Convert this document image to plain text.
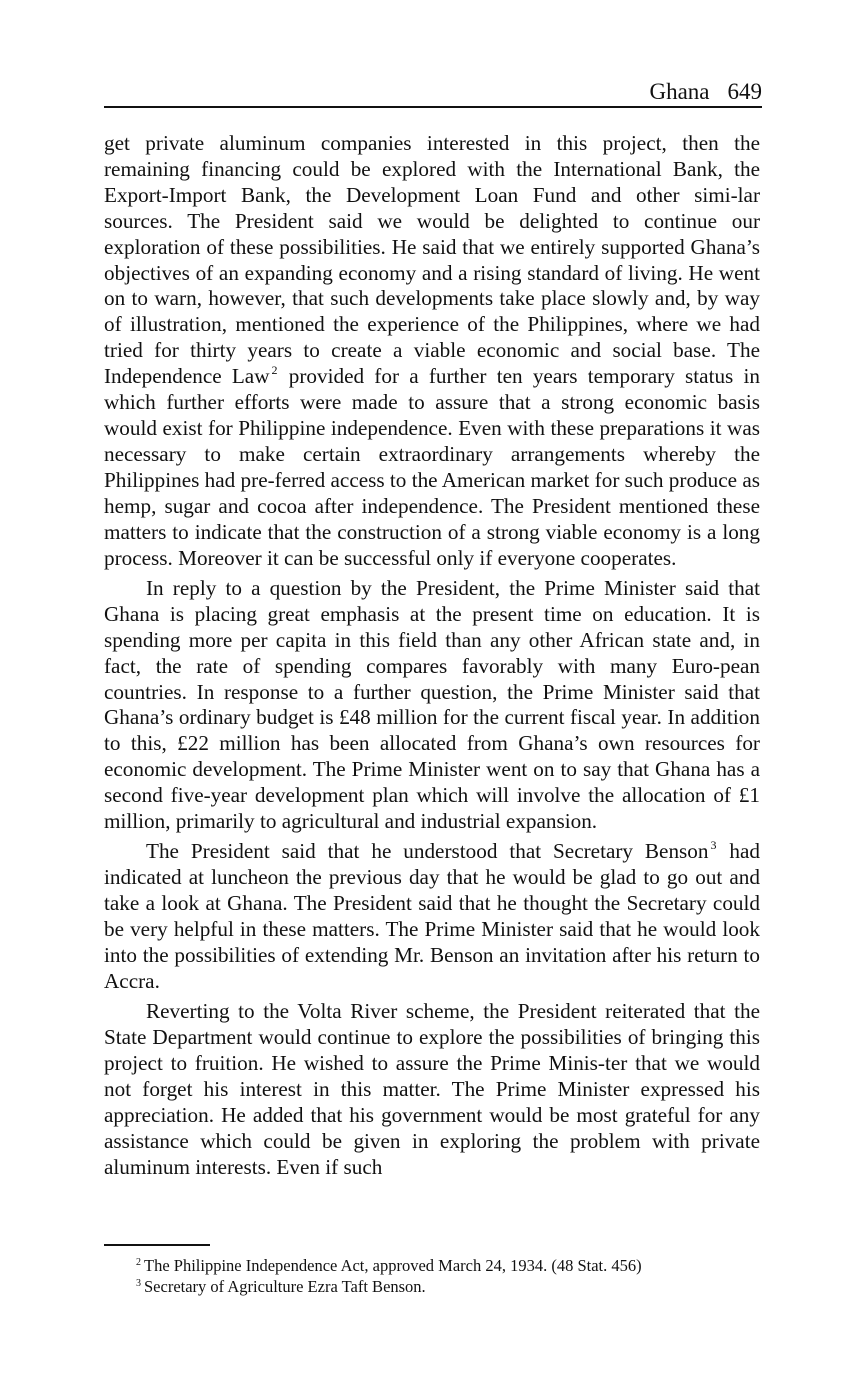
Ghana 649

get private aluminum companies interested in this project, then the remaining financing could be explored with the International Bank, the Export-Import Bank, the Development Loan Fund and other simi-lar sources. The President said we would be delighted to continue our exploration of these possibilities. He said that we entirely supported Ghana’s objectives of an expanding economy and a rising standard of living. He went on to warn, however, that such developments take place slowly and, by way of illustration, mentioned the experience of the Philippines, where we had tried for thirty years to create a viable economic and social base. The Independence Law $^2$ provided for a further ten years temporary status in which further efforts were made to assure that a strong economic basis would exist for Philippine independence. Even with these preparations it was necessary to make certain extraordinary arrangements whereby the Philippines had pre-ferred access to the American market for such produce as hemp, sugar and cocoa after independence. The President mentioned these matters to indicate that the construction of a strong viable economy is a long process. Moreover it can be successful only if everyone cooperates.

In reply to a question by the President, the Prime Minister said that Ghana is placing great emphasis at the present time on education. It is spending more per capita in this field than any other African state and, in fact, the rate of spending compares favorably with many Euro-pean countries. In response to a further question, the Prime Minister said that Ghana’s ordinary budget is £48 million for the current fiscal year. In addition to this, £22 million has been allocated from Ghana’s own resources for economic development. The Prime Minister went on to say that Ghana has a second five-year development plan which will involve the allocation of £1 million, primarily to agricultural and industrial expansion.

The President said that he understood that Secretary Benson $^3$ had indicated at luncheon the previous day that he would be glad to go out and take a look at Ghana. The President said that he thought the Secretary could be very helpful in these matters. The Prime Minister said that he would look into the possibilities of extending Mr. Benson an invitation after his return to Accra.

Reverting to the Volta River scheme, the President reiterated that the State Department would continue to explore the possibilities of bringing this project to fruition. He wished to assure the Prime Minis-ter that we would not forget his interest in this matter. The Prime Minister expressed his appreciation. He added that his government would be most grateful for any assistance which could be given in exploring the problem with private aluminum interests. Even if such

$^2$ The Philippine Independence Act, approved March 24, 1934. (48 Stat. 456)

$^3$ Secretary of Agriculture Ezra Taft Benson.
